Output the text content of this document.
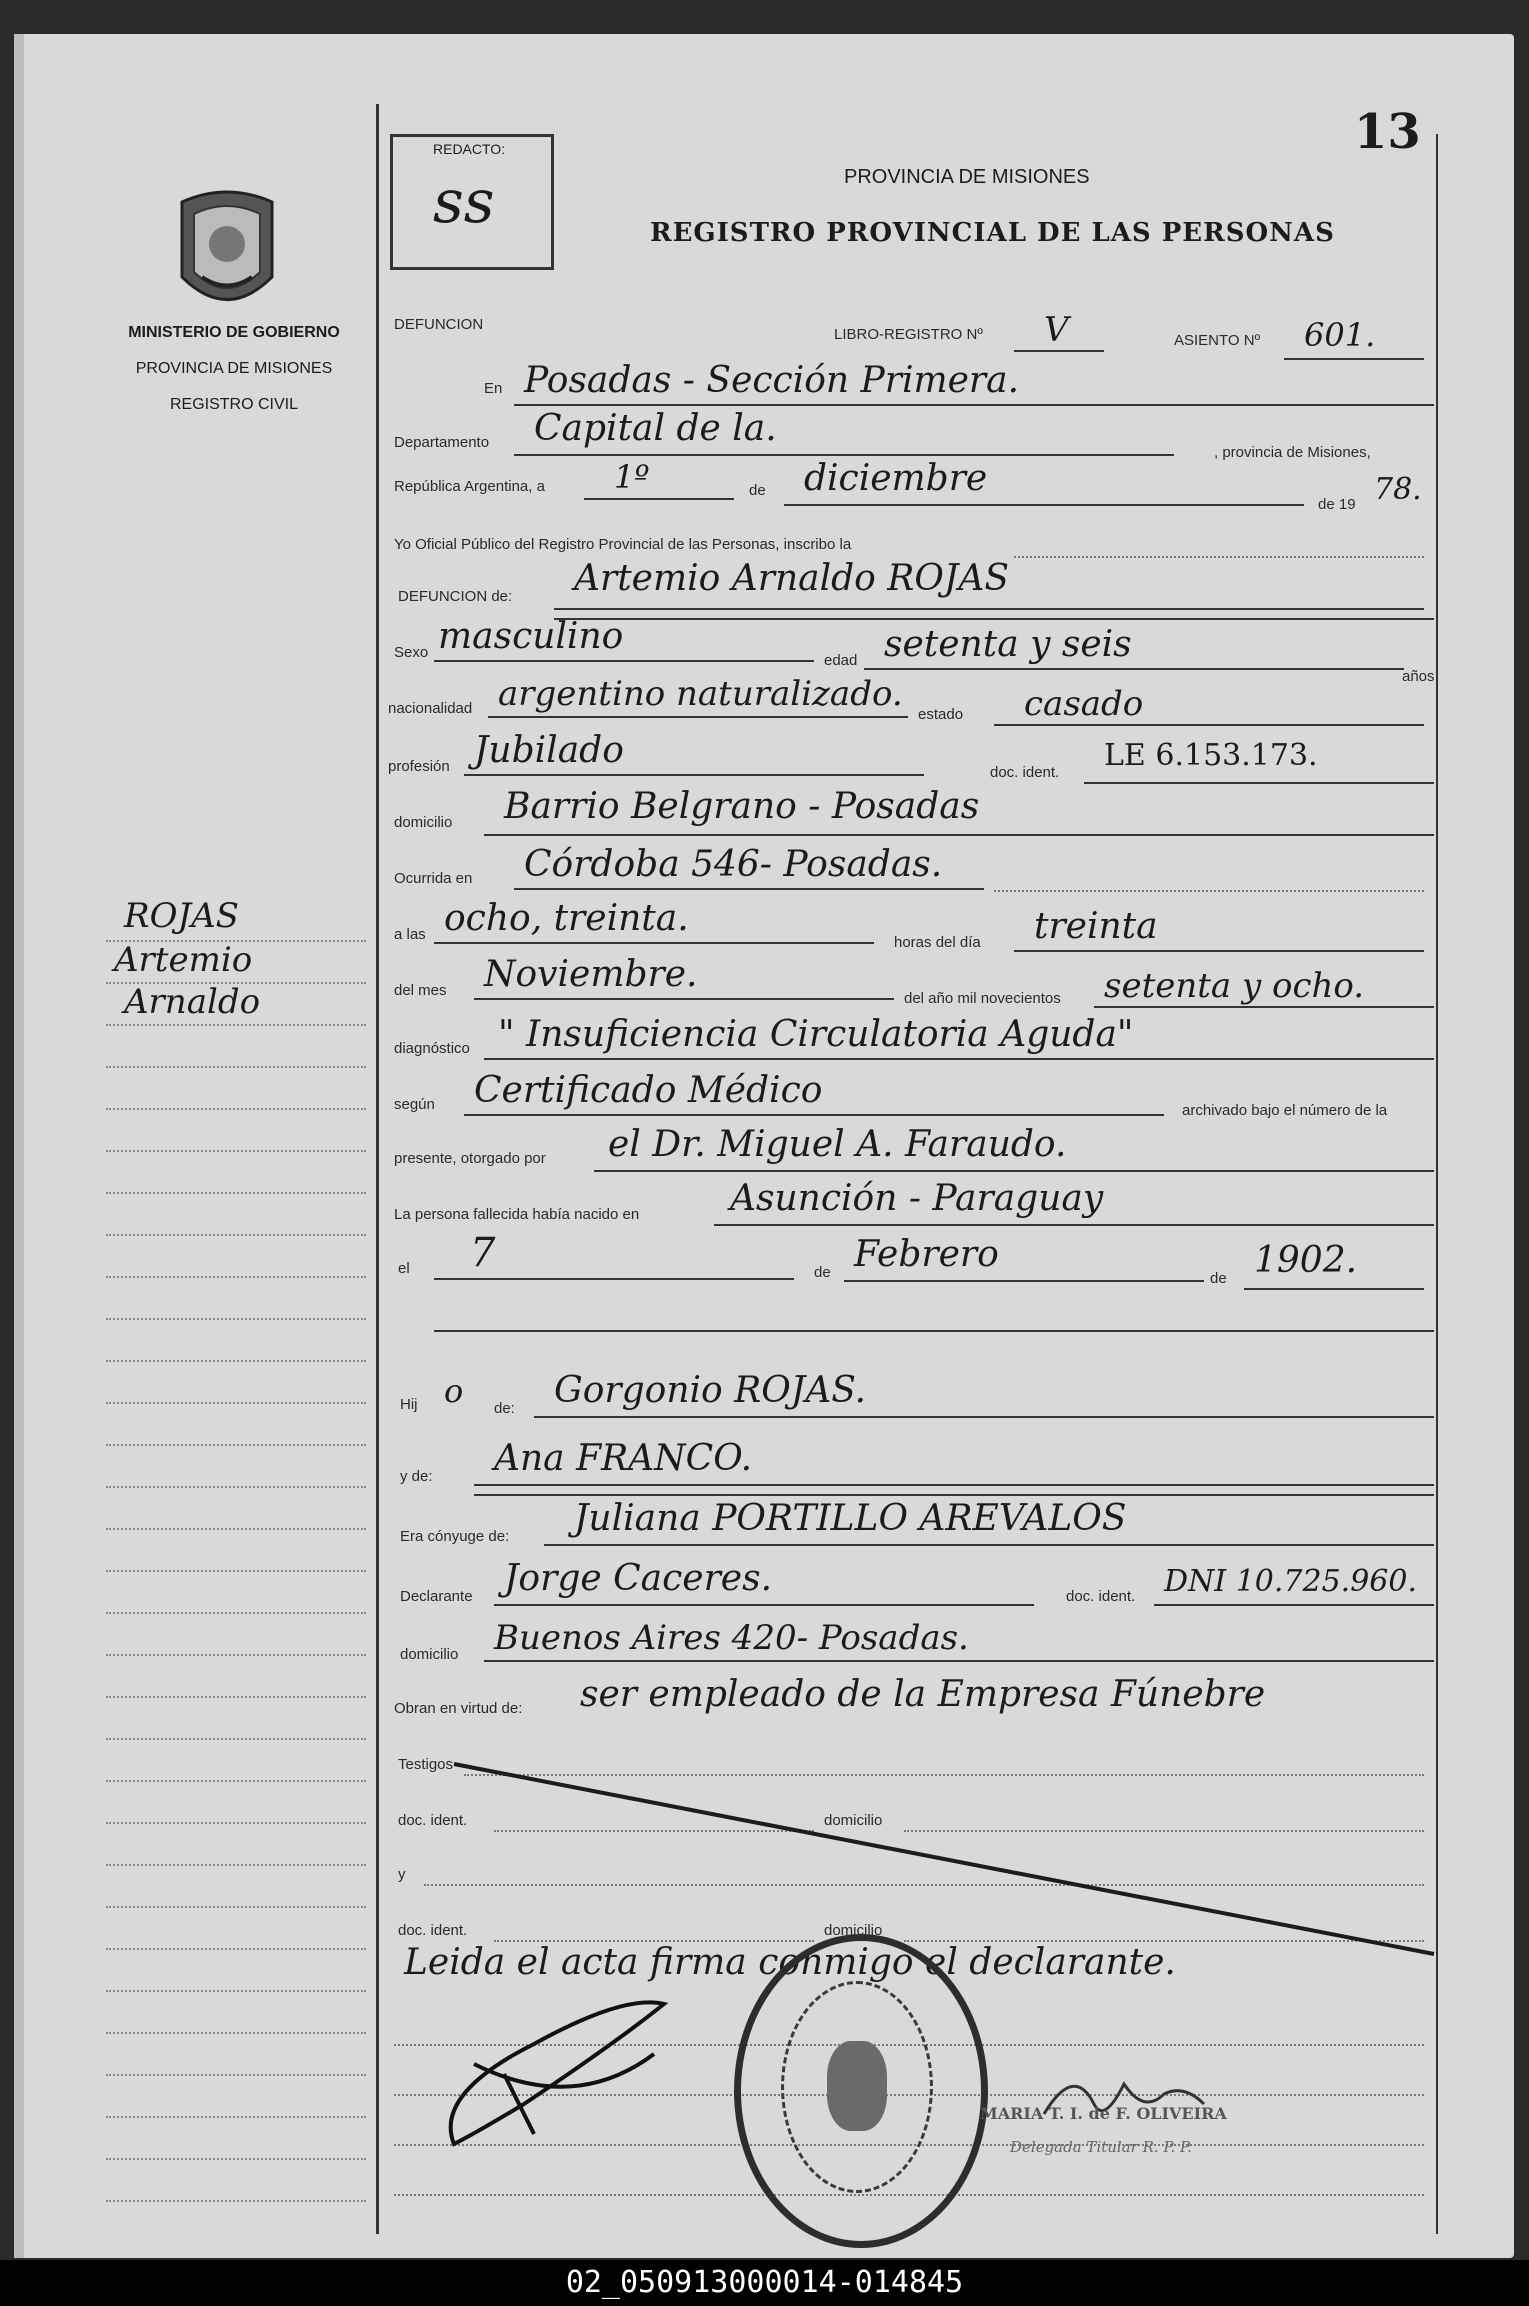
13
REDACTO:
ss	PROVINCIA DE MISIONES
REGISTRO PROVINCIAL DE LAS PERSONAS
MINISTERIO DE GOBIERNO
PROVINCIA DE MISIONES
REGISTRO CIVIL
ROJAS
Artemio
Arnaldo
DEFUNCION
LIBRO-REGISTRO Nº V	ASIENTO Nº 601.
En Posadas - Sección Primera.
Departamento Capital de la.
, provincia de Misiones,
República Argentina, a 1º	de diciembre
de 19 78.
Yo Oficial Público del Registro Provincial de las Personas, inscribo la
DEFUNCION de: Artemio Arnaldo ROJAS
Sexo masculino
edad setenta y seis
años
nacionalidad argentino naturalizado.
estado casado
profesión Jubilado
doc. ident. LE 6.153.173.
domicilio Barrio Belgrano - Posadas
Ocurrida en Córdoba 546- Posadas.
a las ocho, treinta.
horas del día treinta
del mes Noviembre.
del año mil novecientos setenta y ocho.
diagnóstico " Insuficiencia Circulatoria Aguda"
según Certificado Médico	archivado bajo el número de la
presente, otorgado por el Dr. Miguel A. Faraudo.
La persona fallecida había nacido en	Asunción - Paraguay
el 7	de Febrero
de 1902.
Hij o de: Gorgonio ROJAS.
y de: Ana FRANCO.
Era cónyuge de: Juliana PORTILLO AREVALOS
Declarante Jorge Caceres.	doc. ident. DNI 10.725.960.
domicilio Buenos Aires 420- Posadas.
Obran en virtud de: ser empleado de la Empresa Fúnebre
Testigos
doc. ident.	domicilio
y
doc. ident.	domicilio
Leida el acta firma conmigo el declarante.
MARIA T. I. de F. OLIVEIRA
Delegada Titular R. P. P.
02_050913000014-014845
